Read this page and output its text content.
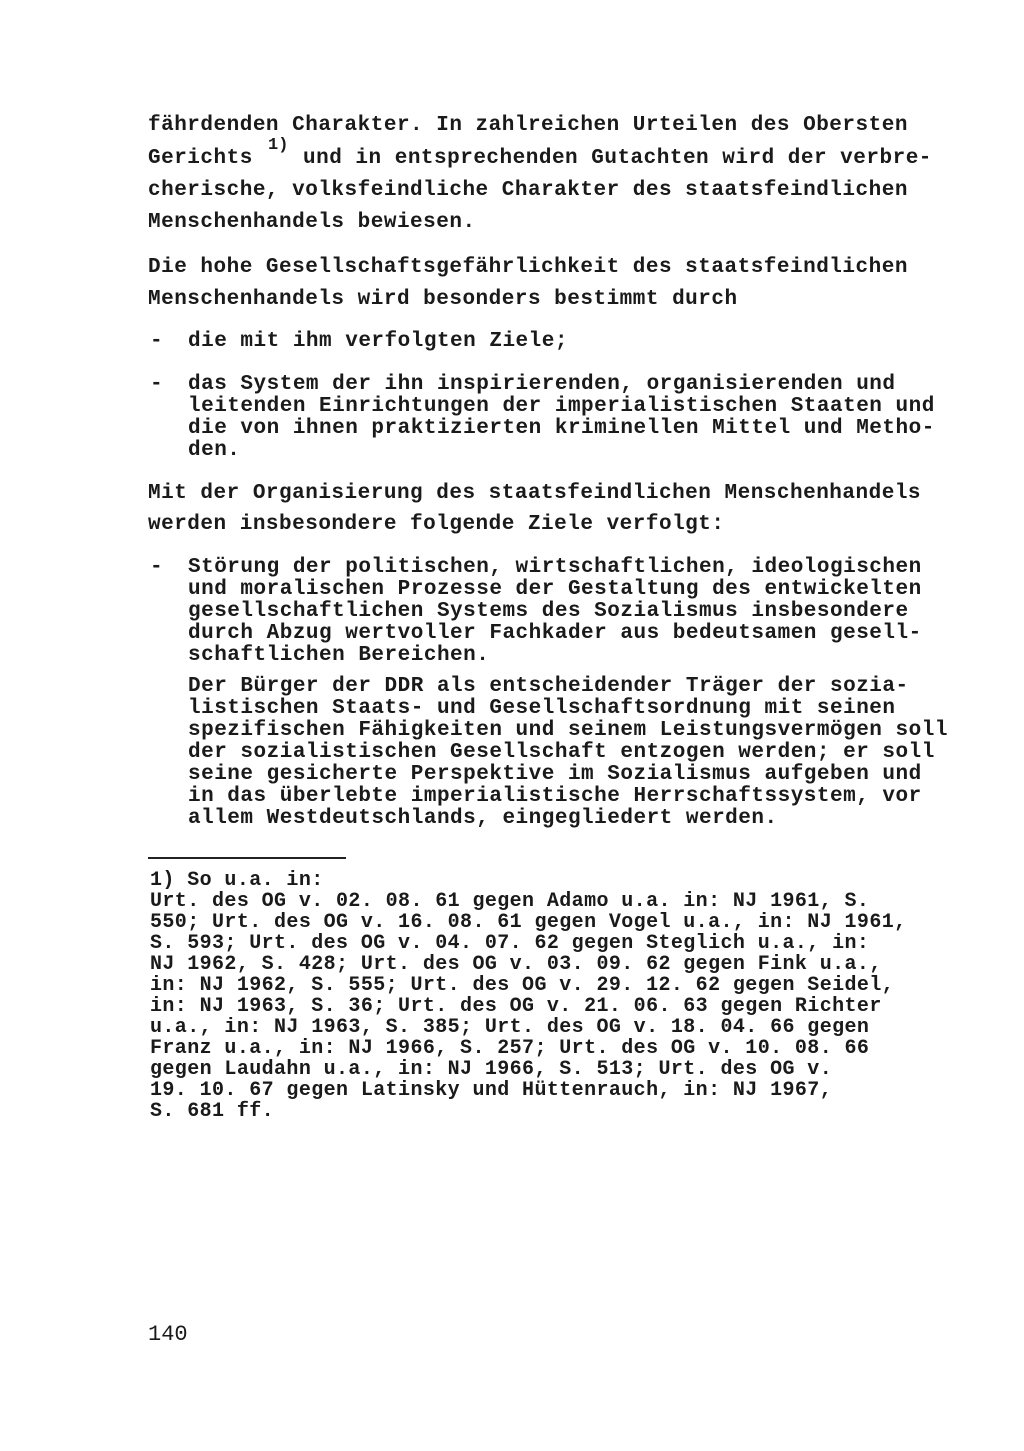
fährdenden Charakter. In zahlreichen Urteilen des Obersten
Gerichts
1)
und in entsprechenden Gutachten wird der verbre-
cherische, volksfeindliche Charakter des staatsfeindlichen
Menschenhandels bewiesen.
Die hohe Gesellschaftsgefährlichkeit des staatsfeindlichen
Menschenhandels wird besonders bestimmt durch
- die mit ihm verfolgten Ziele;
- das System der ihn inspirierenden, organisierenden und
leitenden Einrichtungen der imperialistischen Staaten und
die von ihnen praktizierten kriminellen Mittel und Metho-
den.
Mit der Organisierung des staatsfeindlichen Menschenhandels
werden insbesondere folgende Ziele verfolgt:
- Störung der politischen, wirtschaftlichen, ideologischen
und moralischen Prozesse der Gestaltung des entwickelten
gesellschaftlichen Systems des Sozialismus insbesondere
durch Abzug wertvoller Fachkader aus bedeutsamen gesell-
schaftlichen Bereichen.
Der Bürger der DDR als entscheidender Träger der sozia-
listischen Staats- und Gesellschaftsordnung mit seinen
spezifischen Fähigkeiten und seinem Leistungsvermögen soll
der sozialistischen Gesellschaft entzogen werden; er soll
seine gesicherte Perspektive im Sozialismus aufgeben und
in das überlebte imperialistische Herrschaftssystem, vor
allem Westdeutschlands, eingegliedert werden.
1) So u.a. in:
Urt. des OG v. 02. 08. 61 gegen Adamo u.a. in: NJ 1961, S.
550; Urt. des OG v. 16. 08. 61 gegen Vogel u.a., in: NJ 1961,
S. 593; Urt. des OG v. 04. 07. 62 gegen Steglich u.a., in:
NJ 1962, S. 428; Urt. des OG v. 03. 09. 62 gegen Fink u.a.,
in: NJ 1962, S. 555; Urt. des OG v. 29. 12. 62 gegen Seidel,
in: NJ 1963, S. 36; Urt. des OG v. 21. 06. 63 gegen Richter
u.a., in: NJ 1963, S. 385; Urt. des OG v. 18. 04. 66 gegen
Franz u.a., in: NJ 1966, S. 257; Urt. des OG v. 10. 08. 66
gegen Laudahn u.a., in: NJ 1966, S. 513; Urt. des OG v.
19. 10. 67 gegen Latinsky und Hüttenrauch, in: NJ 1967,
S. 681 ff.
140
